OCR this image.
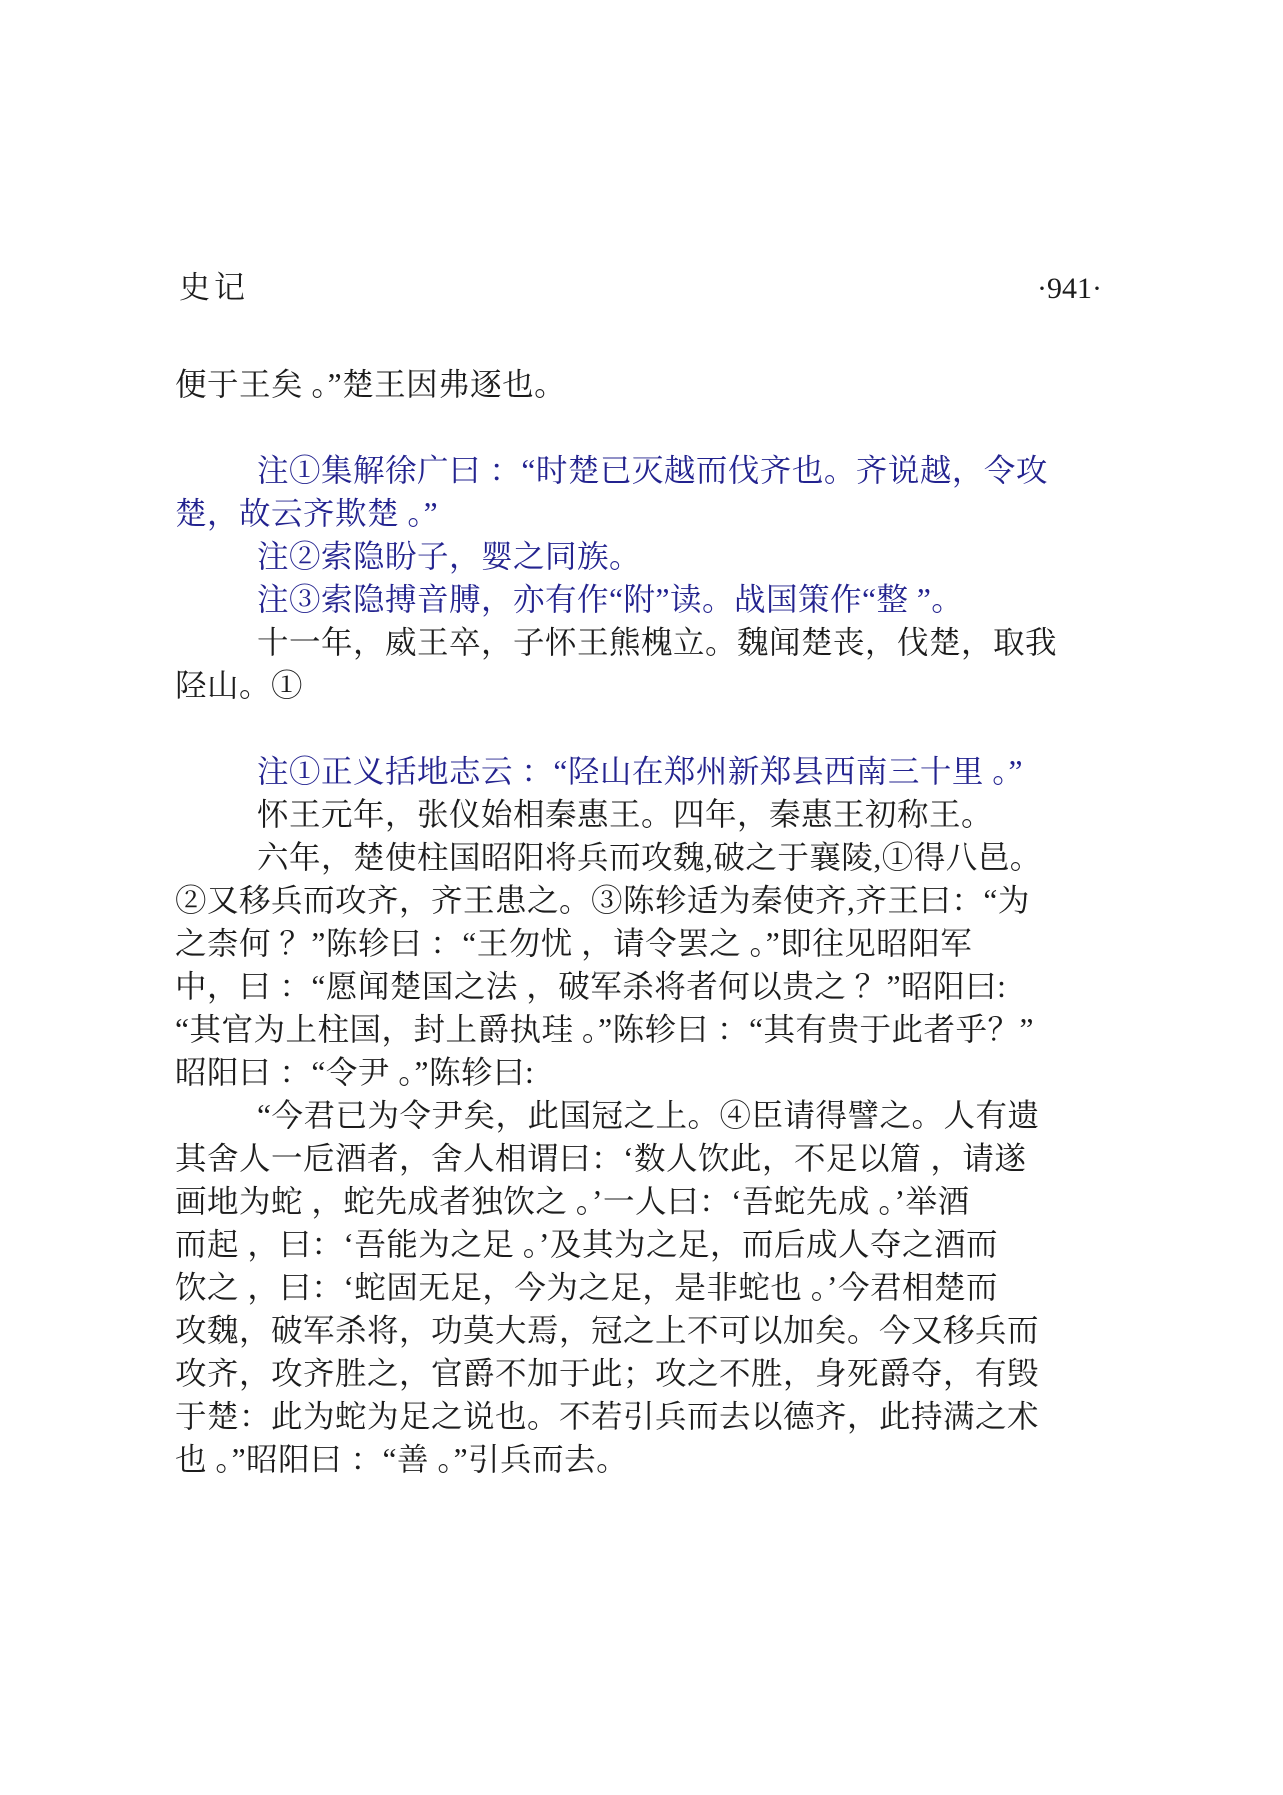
史记	·941·

便于王矣 。”楚王因弗逐也。

注①集解徐广曰 ：“时楚已灭越而伐齐也。齐说越，令攻

楚，故云齐欺楚 。”

注②索隐盼子，婴之同族。

注③索隐搏音膊，亦有作“附”读。战国策作“整 ”。

十一年，威王卒，子怀王熊槐立。魏闻楚丧，伐楚，取我

陉山。①

注①正义括地志云 ：“陉山在郑州新郑县西南三十里 。”

怀王元年，张仪始相秦惠王。四年，秦惠王初称王。

六年，楚使柱国昭阳将兵而攻魏,破之于襄陵,①得八邑。

②又移兵而攻齐，齐王患之。③陈轸适为秦使齐,齐王曰：“为

之柰何 ？”陈轸曰 ：“王勿忧 ，请令罢之 。”即往见昭阳军

中，曰 ：“愿闻楚国之法 ，破军杀将者何以贵之 ？”昭阳曰:

“其官为上柱国，封上爵执珪 。”陈轸曰 ：“其有贵于此者乎？”

昭阳曰 ：“令尹 。”陈轸曰:

“今君已为令尹矣，此国冠之上。④臣请得譬之。人有遗

其舍人一卮酒者，舍人相谓曰：‘数人饮此，不足以篃 ，请遂

画地为蛇 ，蛇先成者独饮之 。’一人曰：‘吾蛇先成 。’举酒

而起 ，曰：‘吾能为之足 。’及其为之足，而后成人夺之酒而

饮之 ，曰：‘蛇固无足，今为之足，是非蛇也 。’今君相楚而

攻魏，破军杀将，功莫大焉，冠之上不可以加矣。今又移兵而

攻齐，攻齐胜之，官爵不加于此；攻之不胜，身死爵夺，有毁

于楚：此为蛇为足之说也。不若引兵而去以德齐，此持满之术

也 。”昭阳曰 ：“善 。”引兵而去。
